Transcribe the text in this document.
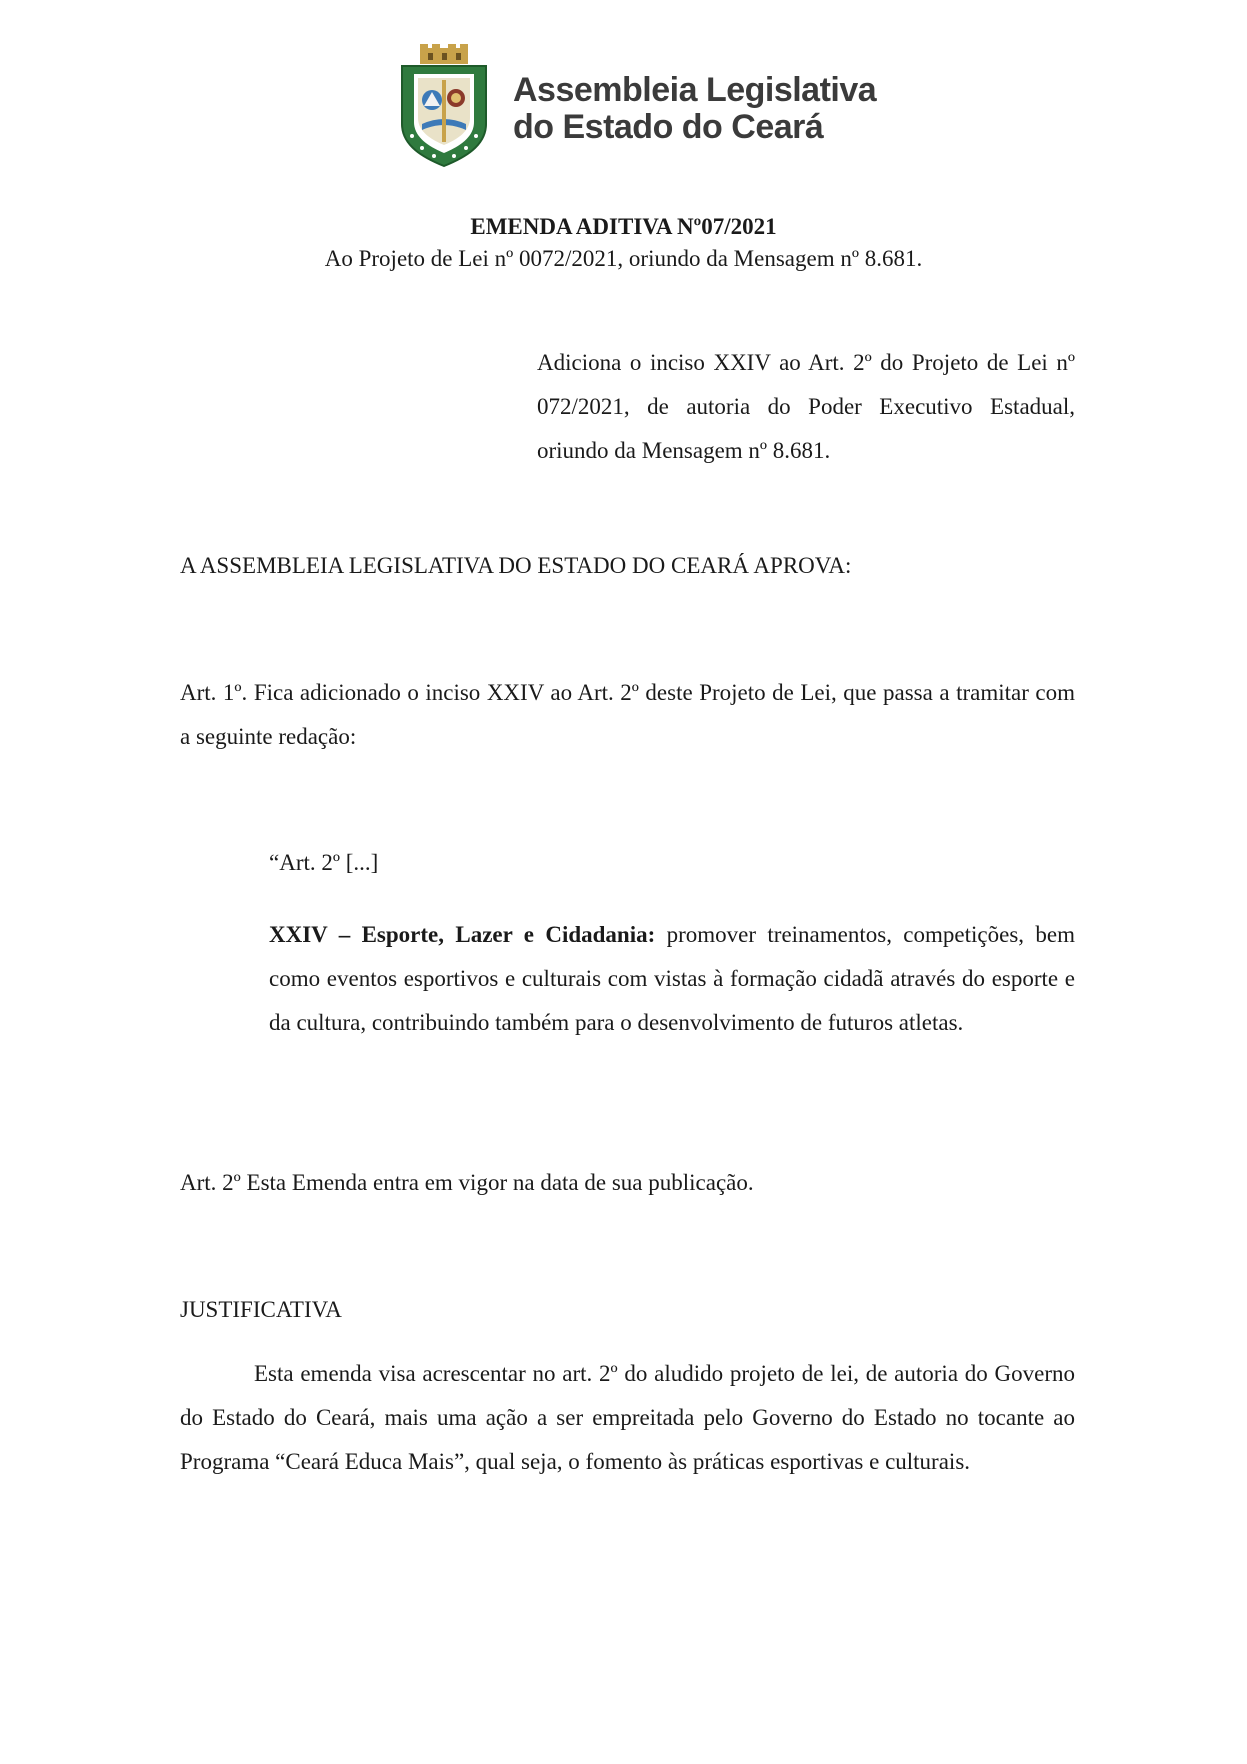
Assembleia Legislativa
do Estado do Ceará
EMENDA ADITIVA Nº07/2021
Ao Projeto de Lei nº 0072/2021, oriundo da Mensagem nº 8.681.
Adiciona o inciso XXIV ao Art. 2º do Projeto de Lei nº 072/2021, de autoria do Poder Executivo Estadual, oriundo da Mensagem nº 8.681.
A ASSEMBLEIA LEGISLATIVA DO ESTADO DO CEARÁ APROVA:
Art. 1º. Fica adicionado o inciso XXIV ao Art. 2º deste Projeto de Lei, que passa a tramitar com a seguinte redação:
“Art. 2º [...]
XXIV – Esporte, Lazer e Cidadania: promover treinamentos, competições, bem como eventos esportivos e culturais com vistas à formação cidadã através do esporte e da cultura, contribuindo também para o desenvolvimento de futuros atletas.
Art. 2º Esta Emenda entra em vigor na data de sua publicação.
JUSTIFICATIVA
Esta emenda visa acrescentar no art. 2º do aludido projeto de lei, de autoria do Governo do Estado do Ceará, mais uma ação a ser empreitada pelo Governo do Estado no tocante ao Programa “Ceará Educa Mais”, qual seja, o fomento às práticas esportivas e culturais.
